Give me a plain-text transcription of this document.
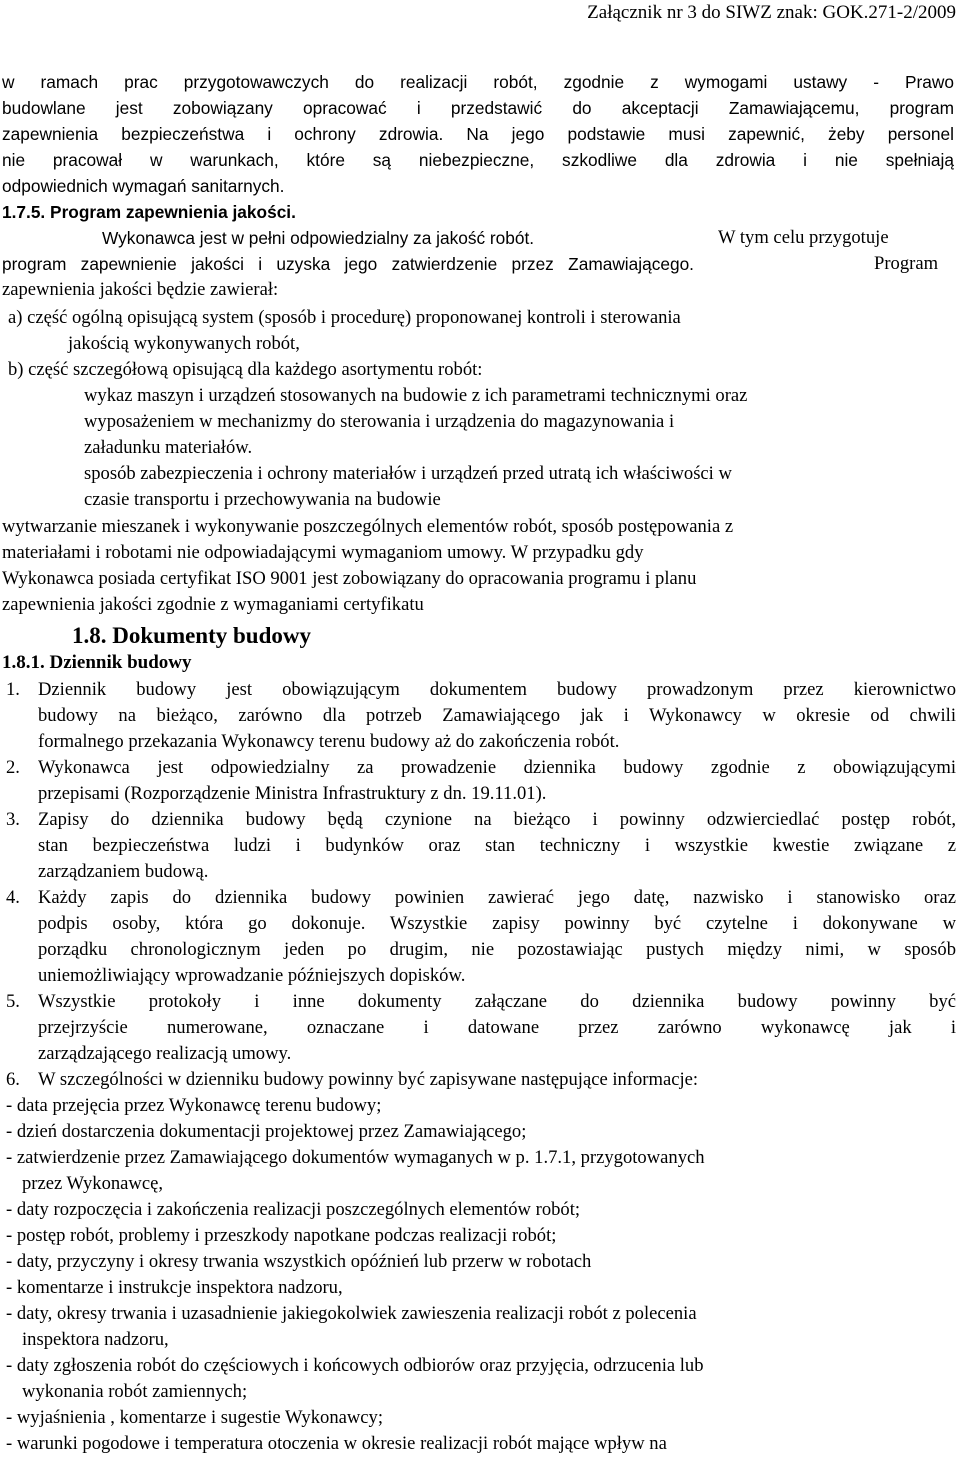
Załącznik nr 3 do SIWZ znak: GOK.271-2/2009
w ramach prac przygotowawczych do realizacji robót, zgodnie z wymogami ustawy - Prawo
budowlane jest zobowiązany opracować i przedstawić do akceptacji Zamawiającemu, program
zapewnienia bezpieczeństwa i ochrony zdrowia. Na jego podstawie musi zapewnić, żeby personel
nie pracował w warunkach, które są niebezpieczne, szkodliwe dla zdrowia i nie spełniają
odpowiednich wymagań sanitarnych.
1.7.5. Program zapewnienia jakości.
Wykonawca jest w pełni odpowiedzialny za jakość robót.	W tym celu przygotuje
program zapewnienie jakości i uzyska jego zatwierdzenie przez Zamawiającego.	Program
zapewnienia jakości będzie zawierał:
a) część ogólną opisującą system (sposób i procedurę) proponowanej kontroli i sterowania
jakością wykonywanych robót,
b) część szczegółową opisującą dla każdego asortymentu robót:
wykaz maszyn i urządzeń stosowanych na budowie z ich parametrami technicznymi oraz
wyposażeniem w mechanizmy do sterowania i urządzenia do magazynowania i
załadunku materiałów.
sposób zabezpieczenia i ochrony materiałów i urządzeń przed utratą ich właściwości w
czasie transportu i przechowywania na budowie
wytwarzanie mieszanek i wykonywanie poszczególnych elementów robót, sposób postępowania z
materiałami i robotami nie odpowiadającymi wymaganiom umowy. W przypadku gdy
Wykonawca posiada certyfikat ISO 9001 jest zobowiązany do opracowania programu i planu
zapewnienia jakości zgodnie z wymaganiami certyfikatu
1.8. Dokumenty budowy
1.8.1. Dziennik budowy
1. Dziennik budowy jest obowiązującym dokumentem budowy prowadzonym przez kierownictwo
budowy na bieżąco, zarówno dla potrzeb Zamawiającego jak i Wykonawcy w okresie od chwili
formalnego przekazania Wykonawcy terenu budowy aż do zakończenia robót.
2. Wykonawca jest odpowiedzialny za prowadzenie dziennika budowy zgodnie z obowiązującymi
przepisami (Rozporządzenie Ministra Infrastruktury z dn. 19.11.01).
3. Zapisy do dziennika budowy będą czynione na bieżąco i powinny odzwierciedlać postęp robót,
stan bezpieczeństwa ludzi i budynków oraz stan techniczny i wszystkie kwestie związane z
zarządzaniem budową.
4. Każdy zapis do dziennika budowy powinien zawierać jego datę, nazwisko i stanowisko oraz
podpis osoby, która go dokonuje. Wszystkie zapisy powinny być czytelne i dokonywane w
porządku chronologicznym jeden po drugim, nie pozostawiając pustych między nimi, w sposób
uniemożliwiający wprowadzanie późniejszych dopisków.
5. Wszystkie protokoły i inne dokumenty załączane do dziennika budowy powinny być
przejrzyście numerowane, oznaczane i datowane przez zarówno wykonawcę jak i
zarządzającego realizacją umowy.
6. W szczególności w dzienniku budowy powinny być zapisywane następujące informacje:
- data przejęcia przez Wykonawcę terenu budowy;
- dzień dostarczenia dokumentacji projektowej przez Zamawiającego;
- zatwierdzenie przez Zamawiającego dokumentów wymaganych w p. 1.7.1, przygotowanych
przez Wykonawcę,
- daty rozpoczęcia i zakończenia realizacji poszczególnych elementów robót;
- postęp robót, problemy i przeszkody napotkane podczas realizacji robót;
- daty, przyczyny i okresy trwania wszystkich opóźnień lub przerw w robotach
- komentarze i instrukcje inspektora nadzoru,
- daty, okresy trwania i uzasadnienie jakiegokolwiek zawieszenia realizacji robót z polecenia
inspektora nadzoru,
- daty zgłoszenia robót do częściowych i końcowych odbiorów oraz przyjęcia, odrzucenia lub
wykonania robót zamiennych;
- wyjaśnienia , komentarze i sugestie Wykonawcy;
- warunki pogodowe i temperatura otoczenia w okresie realizacji robót mające wpływ na
